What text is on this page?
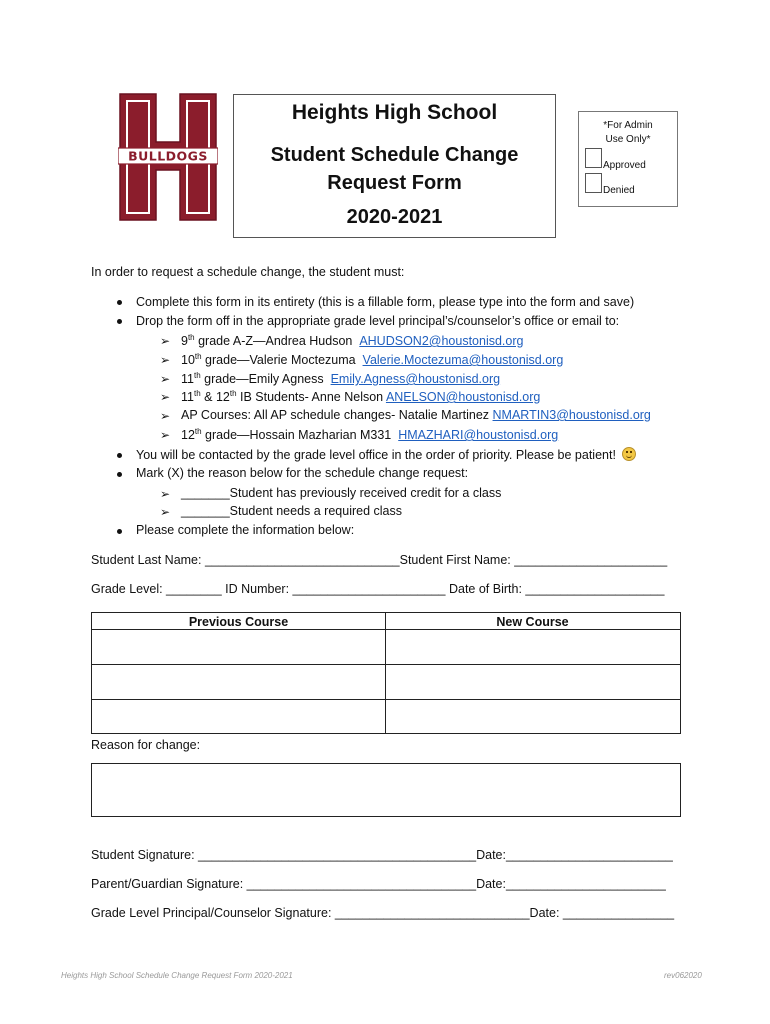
BULLDOGS
Heights High School
Student Schedule Change
Request Form
2020-2021
*For Admin Use Only*
Approved
Denied
In order to request a schedule change, the student must:
Complete this form in its entirety (this is a fillable form, please type into the form and save)
Drop the form off in the appropriate grade level principal’s/counselor’s office or email to:
➢ 9th grade A-Z—Andrea Hudson AHUDSON2@houstonisd.org
➢ 10th grade—Valerie Moctezuma Valerie.Moctezuma@houstonisd.org
➢ 11th grade—Emily Agness Emily.Agness@houstonisd.org
➢ 11th & 12th IB Students- Anne Nelson ANELSON@houstonisd.org
➢ AP Courses: All AP schedule changes- Natalie Martinez NMARTIN3@houstonisd.org
➢ 12th grade—Hossain Mazharian M331 HMAZHARI@houstonisd.org
You will be contacted by the grade level office in the order of priority. Please be patient!
Mark (X) the reason below for the schedule change request:
➢ _______Student has previously received credit for a class
➢ _______Student needs a required class
Please complete the information below:
Student Last Name: ____________________________Student First Name: ______________________
Grade Level: ________ ID Number: ______________________ Date of Birth: ____________________
Previous Course	New Course
Reason for change:
Student Signature: ________________________________________Date:________________________
Parent/Guardian Signature: _________________________________Date:_______________________
Grade Level Principal/Counselor Signature: ____________________________Date: ________________
Heights High School Schedule Change Request Form 2020-2021	rev062020
